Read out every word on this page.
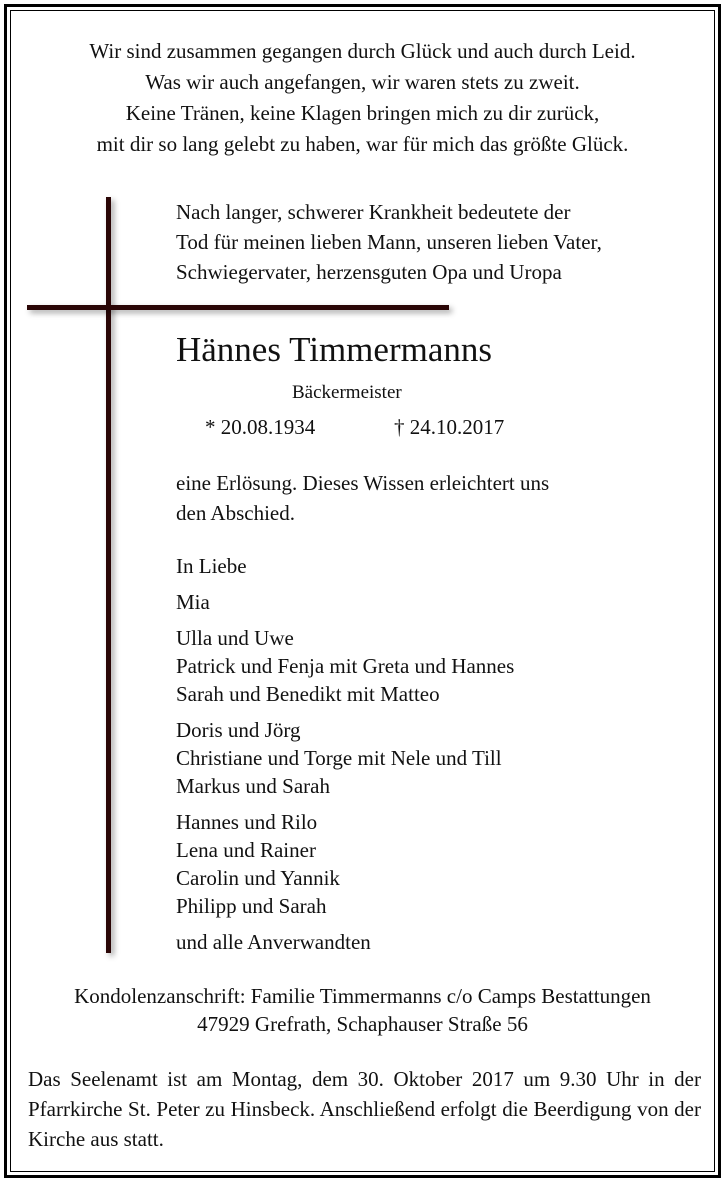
Wir sind zusammen gegangen durch Glück und auch durch Leid.
Was wir auch angefangen, wir waren stets zu zweit.
Keine Tränen, keine Klagen bringen mich zu dir zurück,
mit dir so lang gelebt zu haben, war für mich das größte Glück.
Nach langer, schwerer Krankheit bedeutete der
Tod für meinen lieben Mann, unseren lieben Vater,
Schwiegervater, herzensguten Opa und Uropa
Hännes Timmermanns
Bäckermeister
* 20.08.1934	† 24.10.2017
eine Erlösung. Dieses Wissen erleichtert uns
den Abschied.
In Liebe
Mia
Ulla und Uwe
Patrick und Fenja mit Greta und Hannes
Sarah und Benedikt mit Matteo
Doris und Jörg
Christiane und Torge mit Nele und Till
Markus und Sarah
Hannes und Rilo
Lena und Rainer
Carolin und Yannik
Philipp und Sarah
und alle Anverwandten
Kondolenzanschrift: Familie Timmermanns c/o Camps Bestattungen
47929 Grefrath, Schaphauser Straße 56
Das Seelenamt ist am Montag, dem 30. Oktober 2017 um 9.30 Uhr in der Pfarrkirche St. Peter zu Hinsbeck. Anschließend erfolgt die Beerdigung von der Kirche aus statt.
